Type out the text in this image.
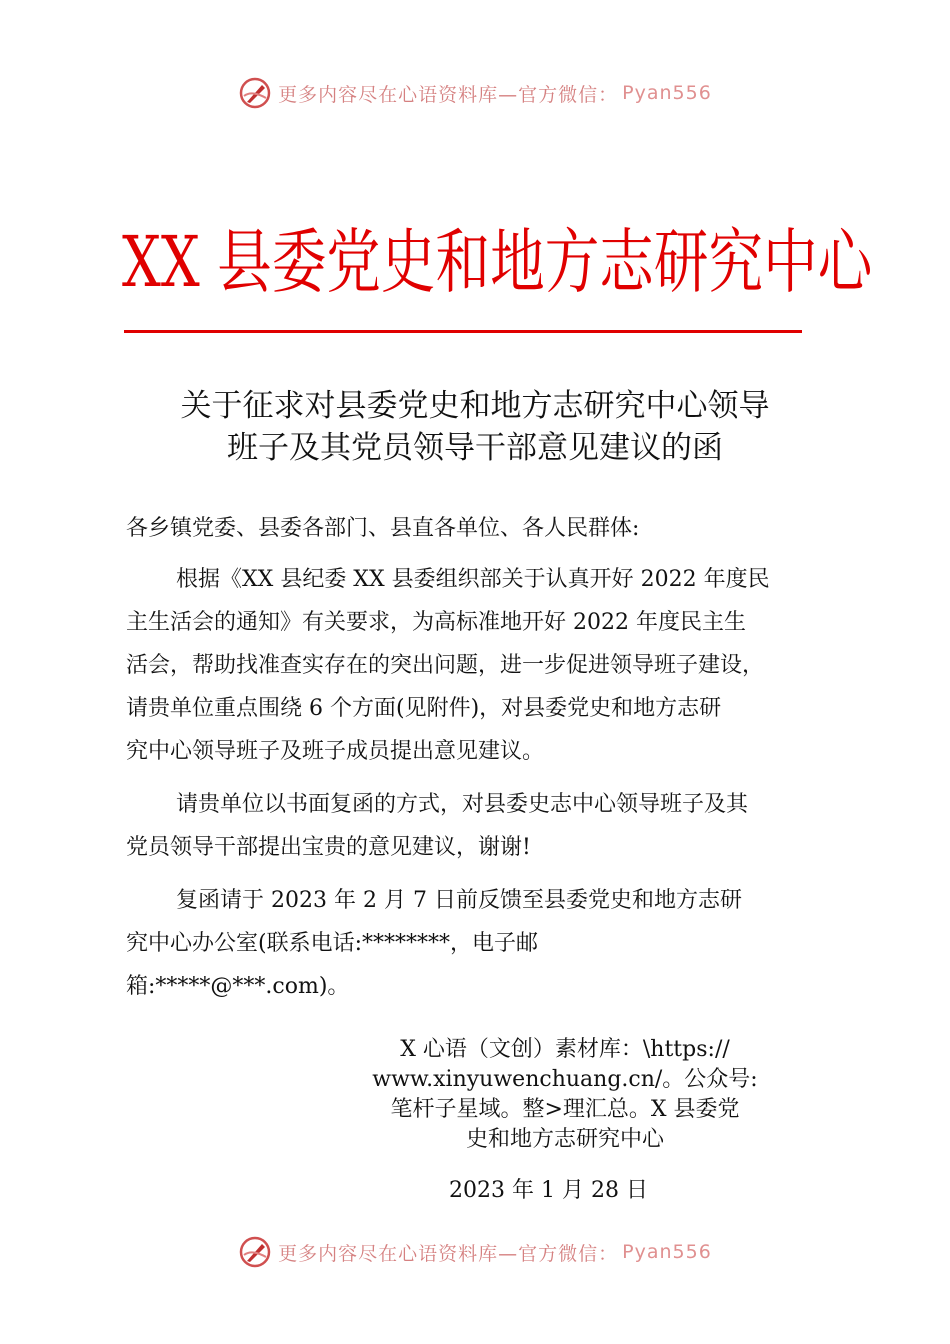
更多内容尽在心语资料库—官方微信： Pyan556
XX 县委党史和地方志研究中心
关于征求对县委党史和地方志研究中心领导
班子及其党员领导干部意见建议的函
各乡镇党委、县委各部门、县直各单位、各人民群体:
根据《XX 县纪委 XX 县委组织部关于认真开好 2022 年度民
主生活会的通知》有关要求，为高标准地开好 2022 年度民主生
活会，帮助找准查实存在的突出问题，进一步促进领导班子建设，
请贵单位重点围绕 6 个方面(见附件)，对县委党史和地方志研
究中心领导班子及班子成员提出意见建议。
请贵单位以书面复函的方式，对县委史志中心领导班子及其
党员领导干部提出宝贵的意见建议，谢谢!
复函请于 2023 年 2 月 7 日前反馈至县委党史和地方志研
究中心办公室(联系电话:********，电子邮
箱:*****@***.com)。
X 心语（文创）素材库：\https://
www.xinyuwenchuang.cn/。公众号:
笔杆子星域。整>理汇总。X 县委党
史和地方志研究中心
2023 年 1 月 28 日
更多内容尽在心语资料库—官方微信： Pyan556
